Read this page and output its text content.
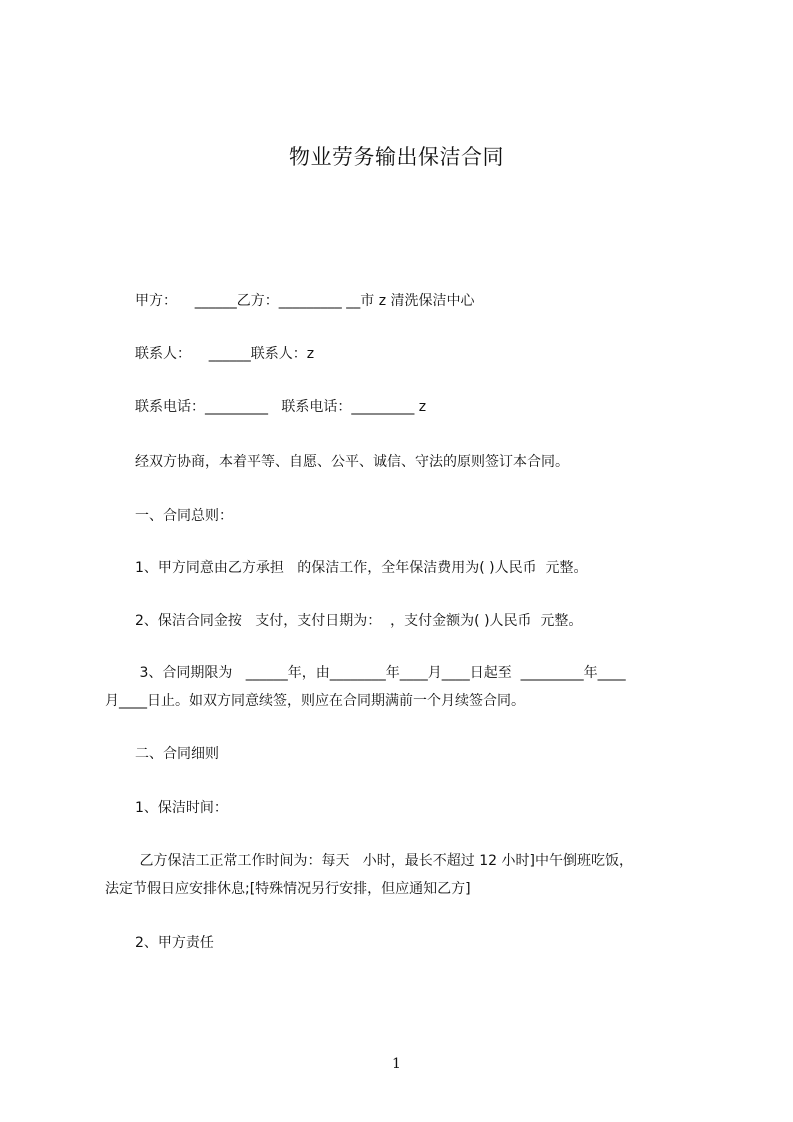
物业劳务输出保洁合同

甲方：    ______乙方：_________ __市 z 清洗保洁中心

联系人：    ______联系人：z

联系电话：_________   联系电话：_________ z

经双方协商，本着平等、自愿、公平、诚信、守法的原则签订本合同。

一、合同总则：

1、甲方同意由乙方承担   的保洁工作，全年保洁费用为( )人民币  元整。

2、保洁合同金按   支付，支付日期为：  ，支付金额为( )人民币  元整。

3、合同期限为   ______年，由________年____月____日起至  _________年____

月____日止。如双方同意续签，则应在合同期满前一个月续签合同。

二、合同细则

1、保洁时间：

乙方保洁工正常工作时间为：每天   小时，最长不超过 12 小时]中午倒班吃饭，

法定节假日应安排休息;[特殊情况另行安排，但应通知乙方]

2、甲方责任

1
